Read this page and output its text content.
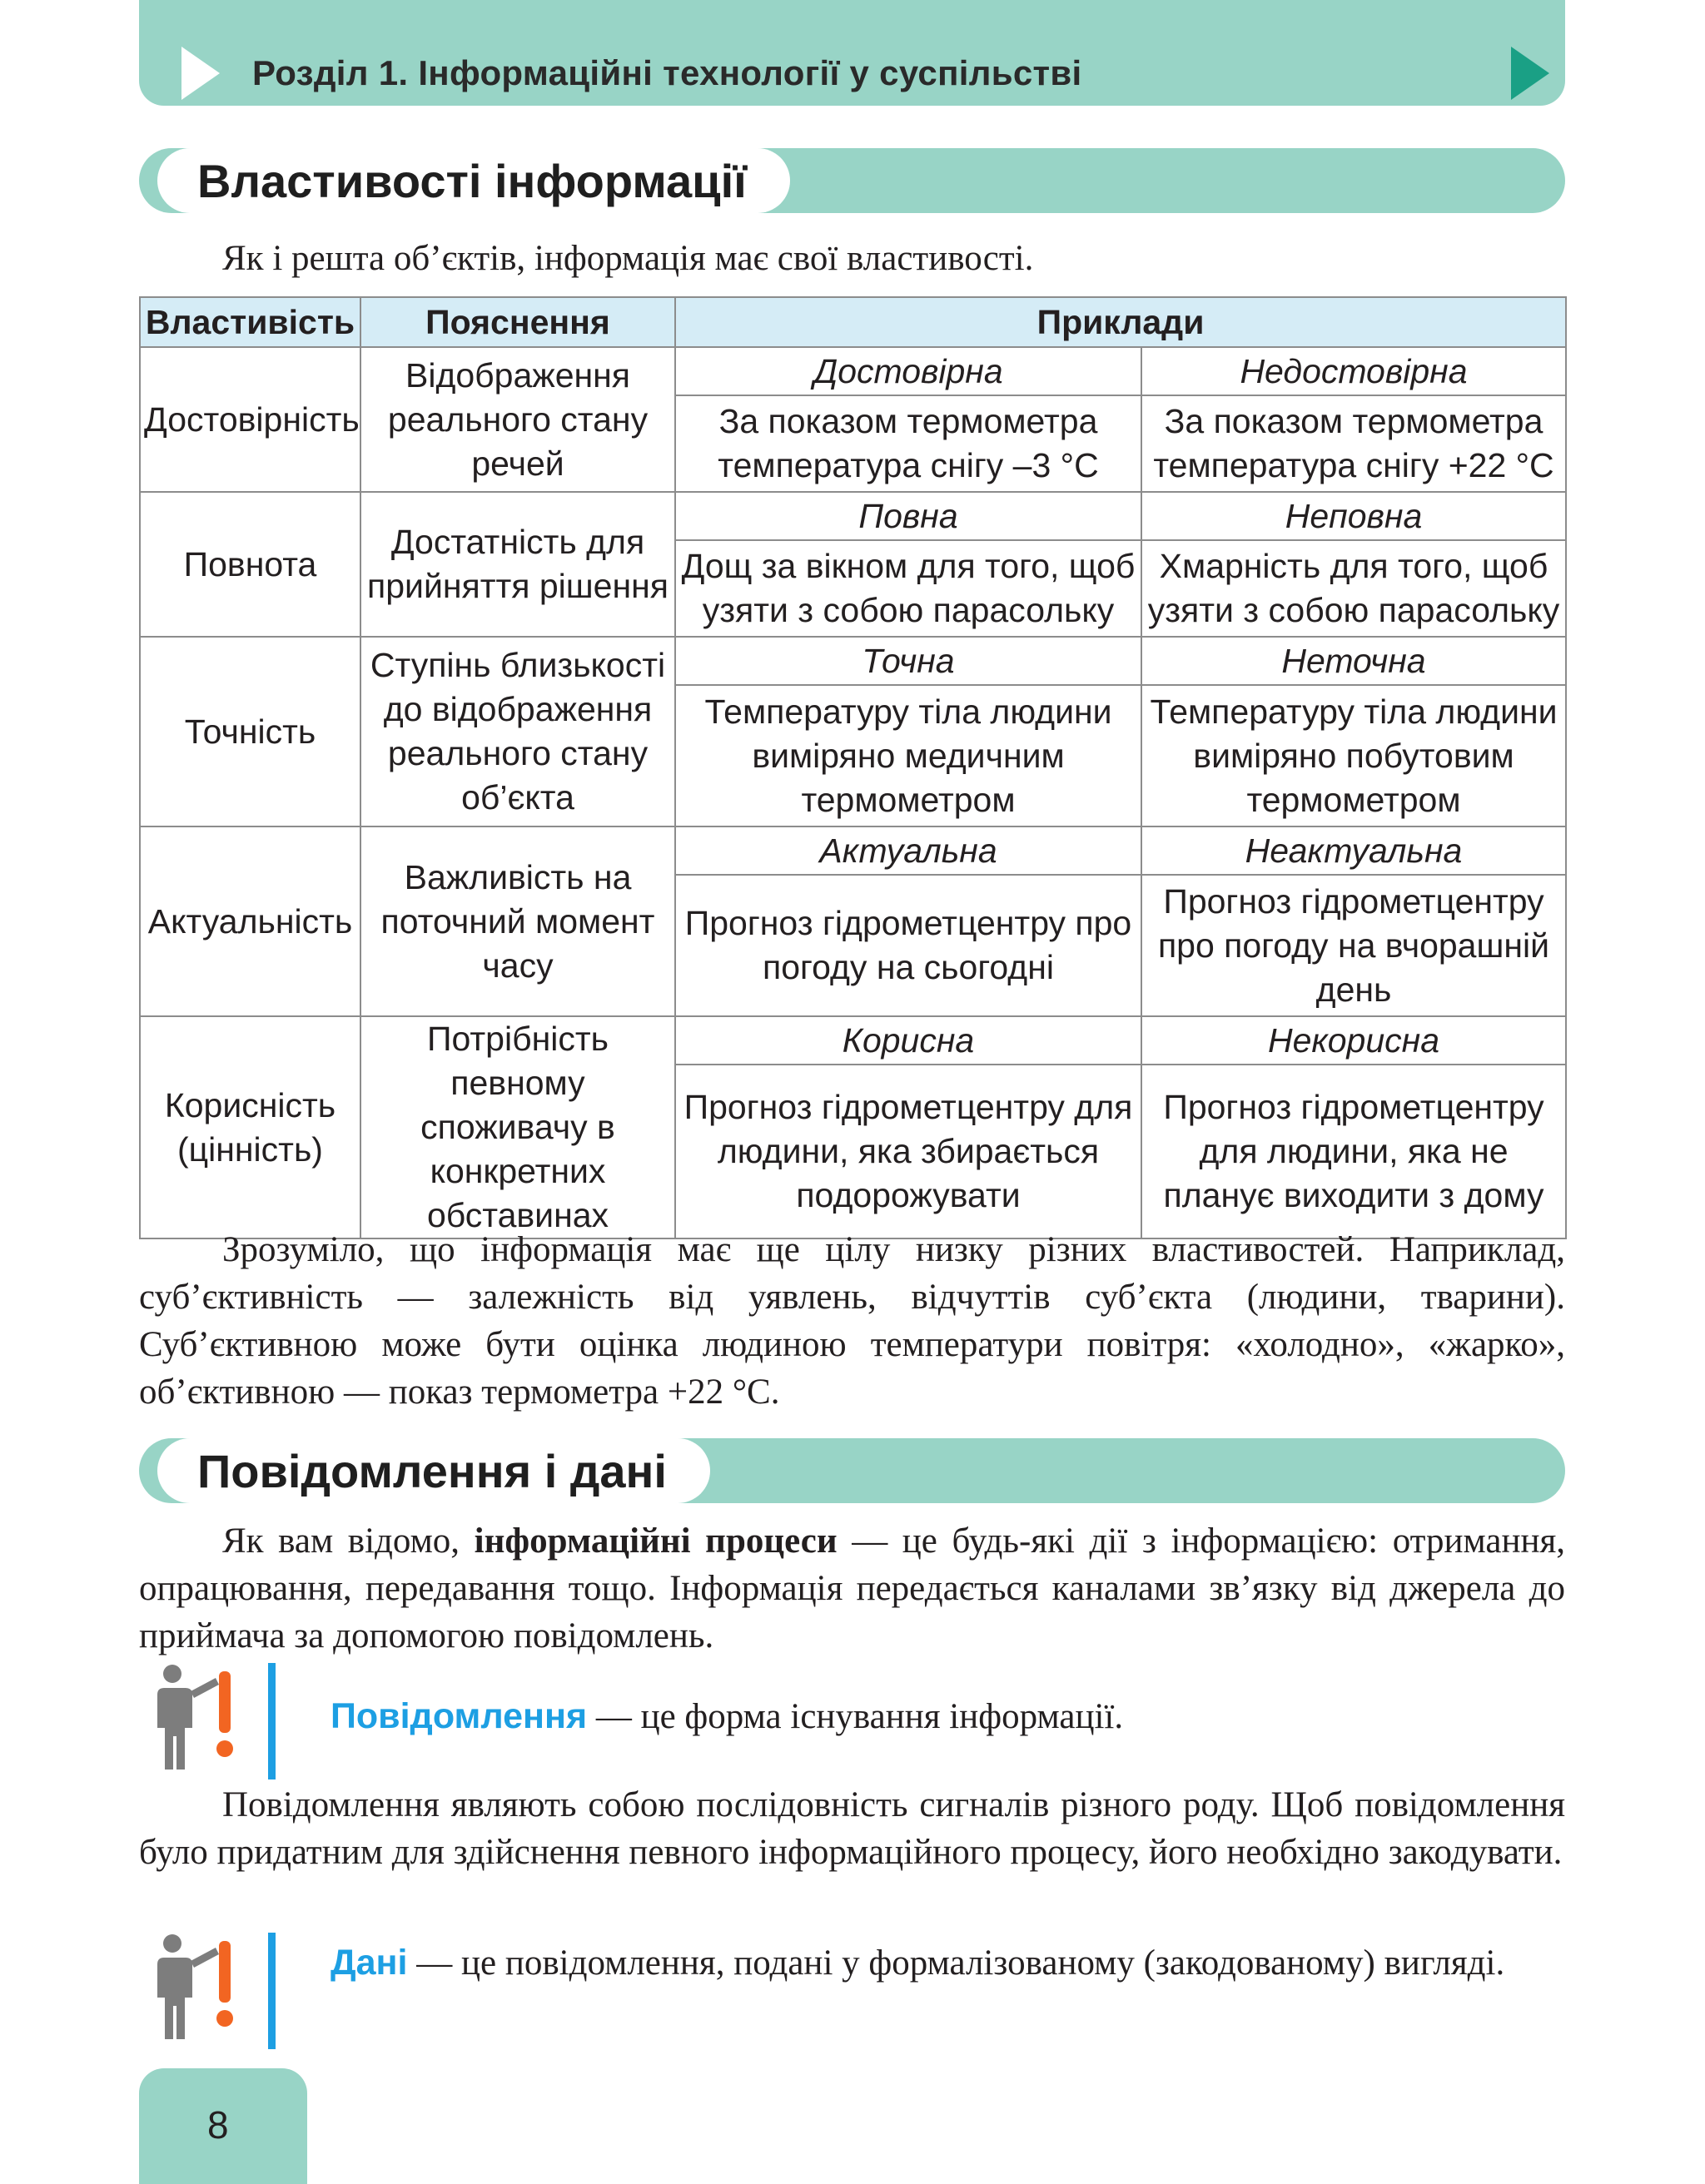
Розділ 1. Інформаційні технології у суспільстві
Властивості інформації
Як і решта об’єктів, інформація має свої властивості.
Властивість	Пояснення	Приклади	
Достовірність	Відображення реального стану речей	Достовірна	Недостовірна
		За показом термометра температура снігу –3 °С	За показом термометра температура снігу +22 °С
Повнота	Достатність для прийняття рішення	Повна	Неповна
		Дощ за вікном для того, щоб узяти з собою парасольку	Хмарність для того, щоб узяти з собою парасольку
Точність	Ступінь близькості до відображення реального стану об’єкта	Точна	Неточна
		Температуру тіла людини виміряно медичним термометром	Температуру тіла людини виміряно побутовим термометром
Актуальність	Важливість на поточний момент часу	Актуальна	Неактуальна
		Прогноз гідрометцентру про погоду на сьогодні	Прогноз гідрометцентру про погоду на вчорашній день
Корисність (цінність)	Потрібність певному споживачу в конкретних обставинах	Корисна	Некорисна
		Прогноз гідрометцентру для людини, яка збирається подорожувати	Прогноз гідрометцентру для людини, яка не планує виходити з дому

Зрозуміло, що інформація має ще цілу низку різних властивостей. Наприклад, суб’єктивність — залежність від уявлень, відчуттів суб’єкта (людини, тварини). Суб’єктивною може бути оцінка людиною температури повітря: «холодно», «жарко», об’єктивною — показ термометра +22 °С.

Повідомлення і дані

Як вам відомо, інформаційні процеси — це будь-які дії з інформацією: отримання, опрацювання, передавання тощо. Інформація передається каналами зв’язку від джерела до приймача за допомогою повідомлень.

Повідомлення — це форма існування інформації.

Повідомлення являють собою послідовність сигналів різного роду. Щоб повідомлення було придатним для здійснення певного інформаційного процесу, його необхідно закодувати.

Дані — це повідомлення, подані у формалізованому (закодованому) вигляді.
8
